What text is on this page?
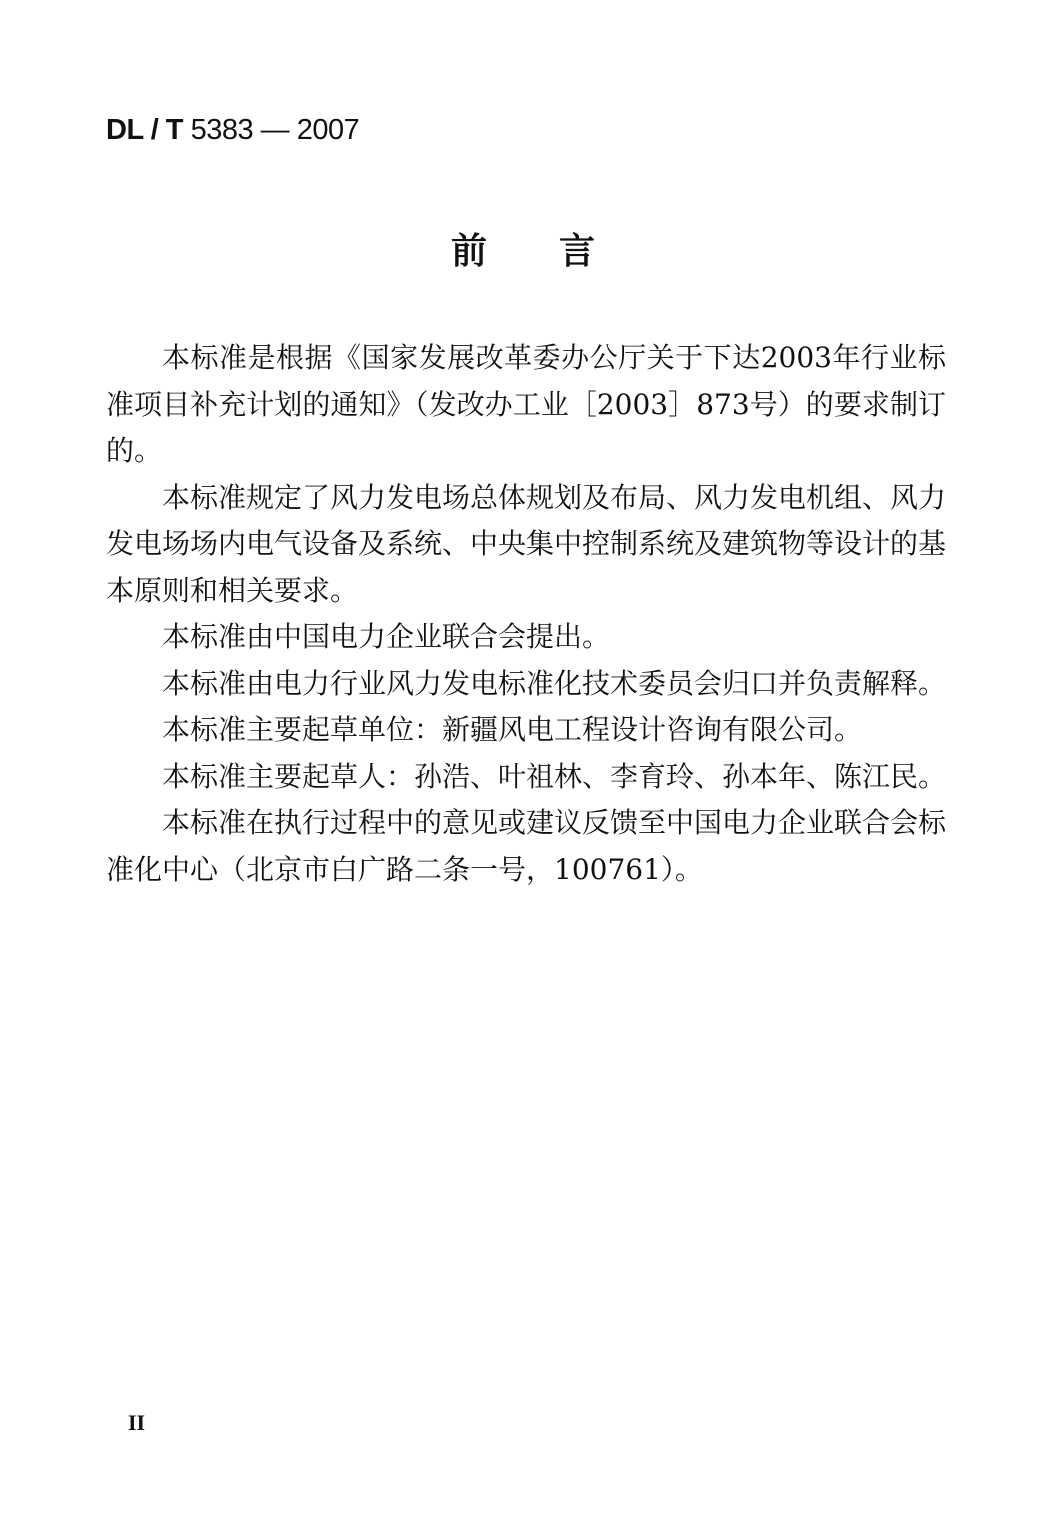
DL / T 5383 — 2007
前　　言

本标准是根据《国家发展改革委办公厅关于下达2003年行业标准项目补充计划的通知》（发改办工业［2003］873号）的要求制订的。

本标准规定了风力发电场总体规划及布局、风力发电机组、风力发电场场内电气设备及系统、中央集中控制系统及建筑物等设计的基本原则和相关要求。

本标准由中国电力企业联合会提出。

本标准由电力行业风力发电标准化技术委员会归口并负责解释。

本标准主要起草单位：新疆风电工程设计咨询有限公司。

本标准主要起草人：孙浩、叶祖林、李育玲、孙本年、陈江民。

本标准在执行过程中的意见或建议反馈至中国电力企业联合会标准化中心（北京市白广路二条一号，100761）。

II
